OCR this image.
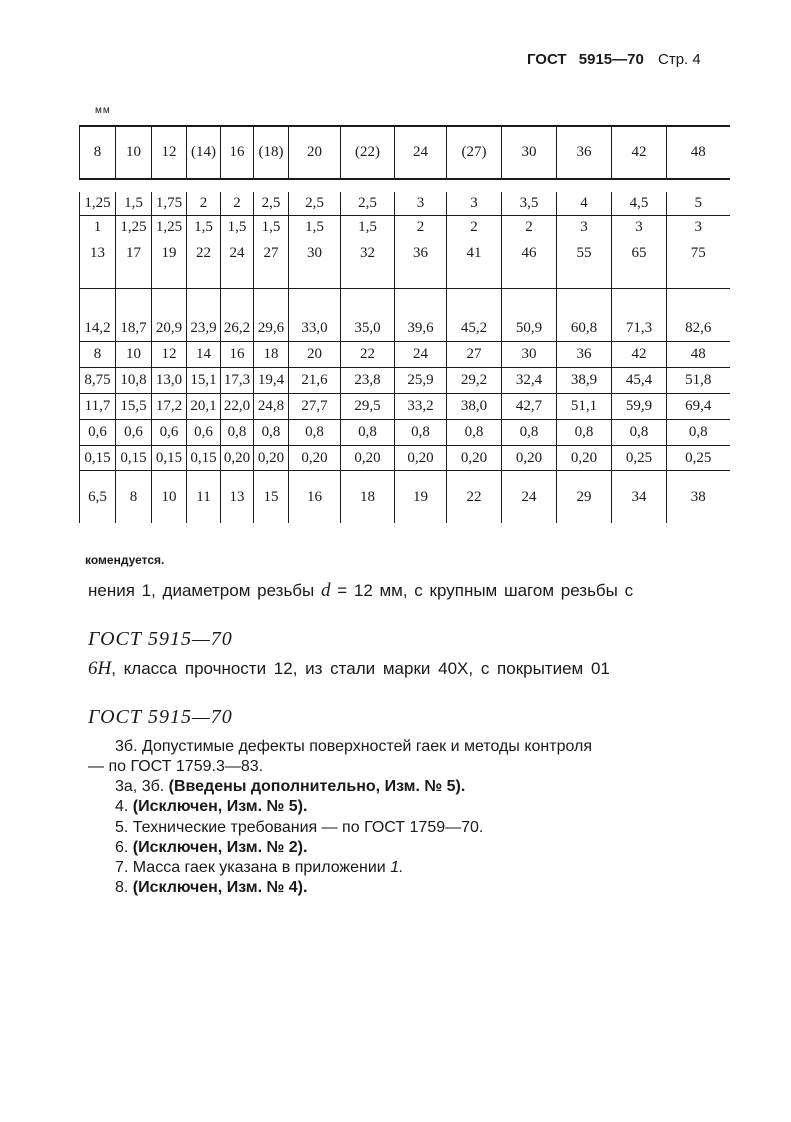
ГОСТ 5915—70 Стр. 4
мм
8	10	12	(14)	16	(18)	20	(22)	24	(27)	30	36	42	48

1,25	1,5	1,75	2	2	2,5	2,5	2,5	3	3	3,5	4	4,5	5
1	1,25	1,25	1,5	1,5	1,5	1,5	1,5	2	2	2	3	3	3
13	17	19	22	24	27	30	32	36	41	46	55	65	75
14,2	18,7	20,9	23,9	26,2	29,6	33,0	35,0	39,6	45,2	50,9	60,8	71,3	82,6
8	10	12	14	16	18	20	22	24	27	30	36	42	48
8,75	10,8	13,0	15,1	17,3	19,4	21,6	23,8	25,9	29,2	32,4	38,9	45,4	51,8
11,7	15,5	17,2	20,1	22,0	24,8	27,7	29,5	33,2	38,0	42,7	51,1	59,9	69,4
0,6	0,6	0,6	0,6	0,8	0,8	0,8	0,8	0,8	0,8	0,8	0,8	0,8	0,8
0,15	0,15	0,15	0,15	0,20	0,20	0,20	0,20	0,20	0,20	0,20	0,20	0,25	0,25
6,5	8	10	11	13	15	16	18	19	22	24	29	34	38
комендуется.
нения 1, диаметром резьбы d = 12 мм, с крупным шагом резьбы с
ГОСТ 5915—70
6H, класса прочности 12, из стали марки 40Х, с покрытием 01
ГОСТ 5915—70
3б. Допустимые дефекты поверхностей гаек и методы контроля
— по ГОСТ 1759.3—83.
3а, 3б. (Введены дополнительно, Изм. № 5).
4. (Исключен, Изм. № 5).
5. Технические требования — по ГОСТ 1759—70.
6. (Исключен, Изм. № 2).
7. Масса гаек указана в приложении 1.
8. (Исключен, Изм. № 4).
